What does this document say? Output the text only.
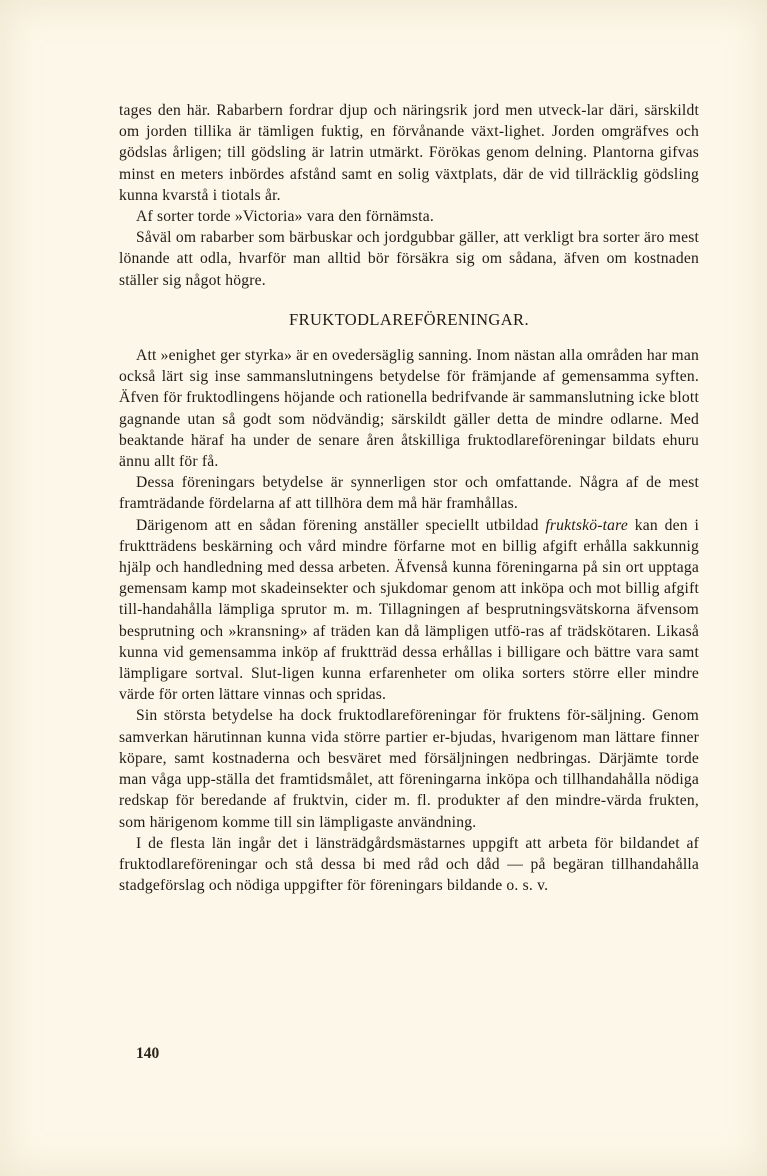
tages den här. Rabarbern fordrar djup och näringsrik jord men utveck-lar däri, särskildt om jorden tillika är tämligen fuktig, en förvånande växt-lighet. Jorden omgräfves och gödslas årligen; till gödsling är latrin utmärkt. Förökas genom delning. Plantorna gifvas minst en meters inbördes afstånd samt en solig växtplats, där de vid tillräcklig gödsling kunna kvarstå i tiotals år.

Af sorter torde »Victoria» vara den förnämsta.

Såväl om rabarber som bärbuskar och jordgubbar gäller, att verkligt bra sorter äro mest lönande att odla, hvarför man alltid bör försäkra sig om sådana, äfven om kostnaden ställer sig något högre.

FRUKTODLAREFÖRENINGAR.

Att »enighet ger styrka» är en ovedersäglig sanning. Inom nästan alla områden har man också lärt sig inse sammanslutningens betydelse för främjande af gemensamma syften. Äfven för fruktodlingens höjande och rationella bedrifvande är sammanslutning icke blott gagnande utan så godt som nödvändig; särskildt gäller detta de mindre odlarne. Med beaktande häraf ha under de senare åren åtskilliga fruktodlareföreningar bildats ehuru ännu allt för få.

Dessa föreningars betydelse är synnerligen stor och omfattande. Några af de mest framträdande fördelarna af att tillhöra dem må här framhållas.

Därigenom att en sådan förening anställer speciellt utbildad fruktskö-tare kan den i fruktträdens beskärning och vård mindre förfarne mot en billig afgift erhålla sakkunnig hjälp och handledning med dessa arbeten. Äfvenså kunna föreningarna på sin ort upptaga gemensam kamp mot skadeinsekter och sjukdomar genom att inköpa och mot billig afgift till-handahålla lämpliga sprutor m. m. Tillagningen af besprutningsvätskorna äfvensom besprutning och »kransning» af träden kan då lämpligen utfö-ras af trädskötaren. Likaså kunna vid gemensamma inköp af fruktträd dessa erhållas i billigare och bättre vara samt lämpligare sortval. Slut-ligen kunna erfarenheter om olika sorters större eller mindre värde för orten lättare vinnas och spridas.

Sin största betydelse ha dock fruktodlareföreningar för fruktens för-säljning. Genom samverkan härutinnan kunna vida större partier er-bjudas, hvarigenom man lättare finner köpare, samt kostnaderna och besväret med försäljningen nedbringas. Därjämte torde man våga upp-ställa det framtidsmålet, att föreningarna inköpa och tillhandahålla nödiga redskap för beredande af fruktvin, cider m. fl. produkter af den mindre-värda frukten, som härigenom komme till sin lämpligaste användning.

I de flesta län ingår det i länsträdgårdsmästarnes uppgift att arbeta för bildandet af fruktodlareföreningar och stå dessa bi med råd och dåd — på begäran tillhandahålla stadgeförslag och nödiga uppgifter för föreningars bildande o. s. v.

140
